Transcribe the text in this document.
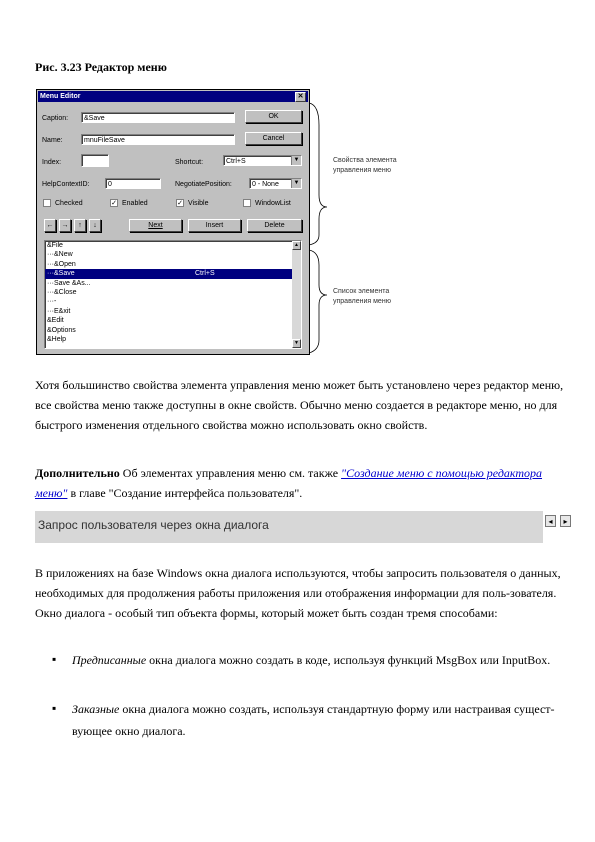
Рис. 3.23 Редактор меню
Menu Editor	✕
Caption:	&Save	OK
Name:	mnuFileSave	Cancel
Index:	Shortcut:	Ctrl+S	▼
HelpContextID:	0	NegotiatePosition:	0 - None	▼
Checked	✓ Enabled	✓ Visible	WindowList
←	→	↑	↓	Next	Insert	Delete
&File
···&New
···&Open
···&Save	Ctrl+S
···Save &As...
···&Close
···-
···E&xit
&Edit
&Options
&Help
▲
▼
Свойства элемента
управления меню
Список элемента
управления меню
Хотя большинство свойства элемента управления меню может быть установлено через редактор меню, все свойства меню также доступны в окне свойств. Обычно меню создается в редакторе меню, но для быстрого изменения отдельного свойства можно использовать окно свойств.
Дополнительно Об элементах управления меню см. также "Создание меню с помощью редактора меню" в главе "Создание интерфейса пользователя".
Запрос пользователя через окна диалога	◂	▸
В приложениях на базе Windows окна диалога используются, чтобы запросить пользователя о данных, необходимых для продолжения работы приложения или отображения информации для поль-зователя. Окно диалога - особый тип объекта формы, который может быть создан тремя способами:
▪ Предписанные окна диалога можно создать в коде, используя функций MsgBox или InputBox.
▪ Заказные окна диалога можно создать, используя стандартную форму или настраивая сущест-вующее окно диалога.
